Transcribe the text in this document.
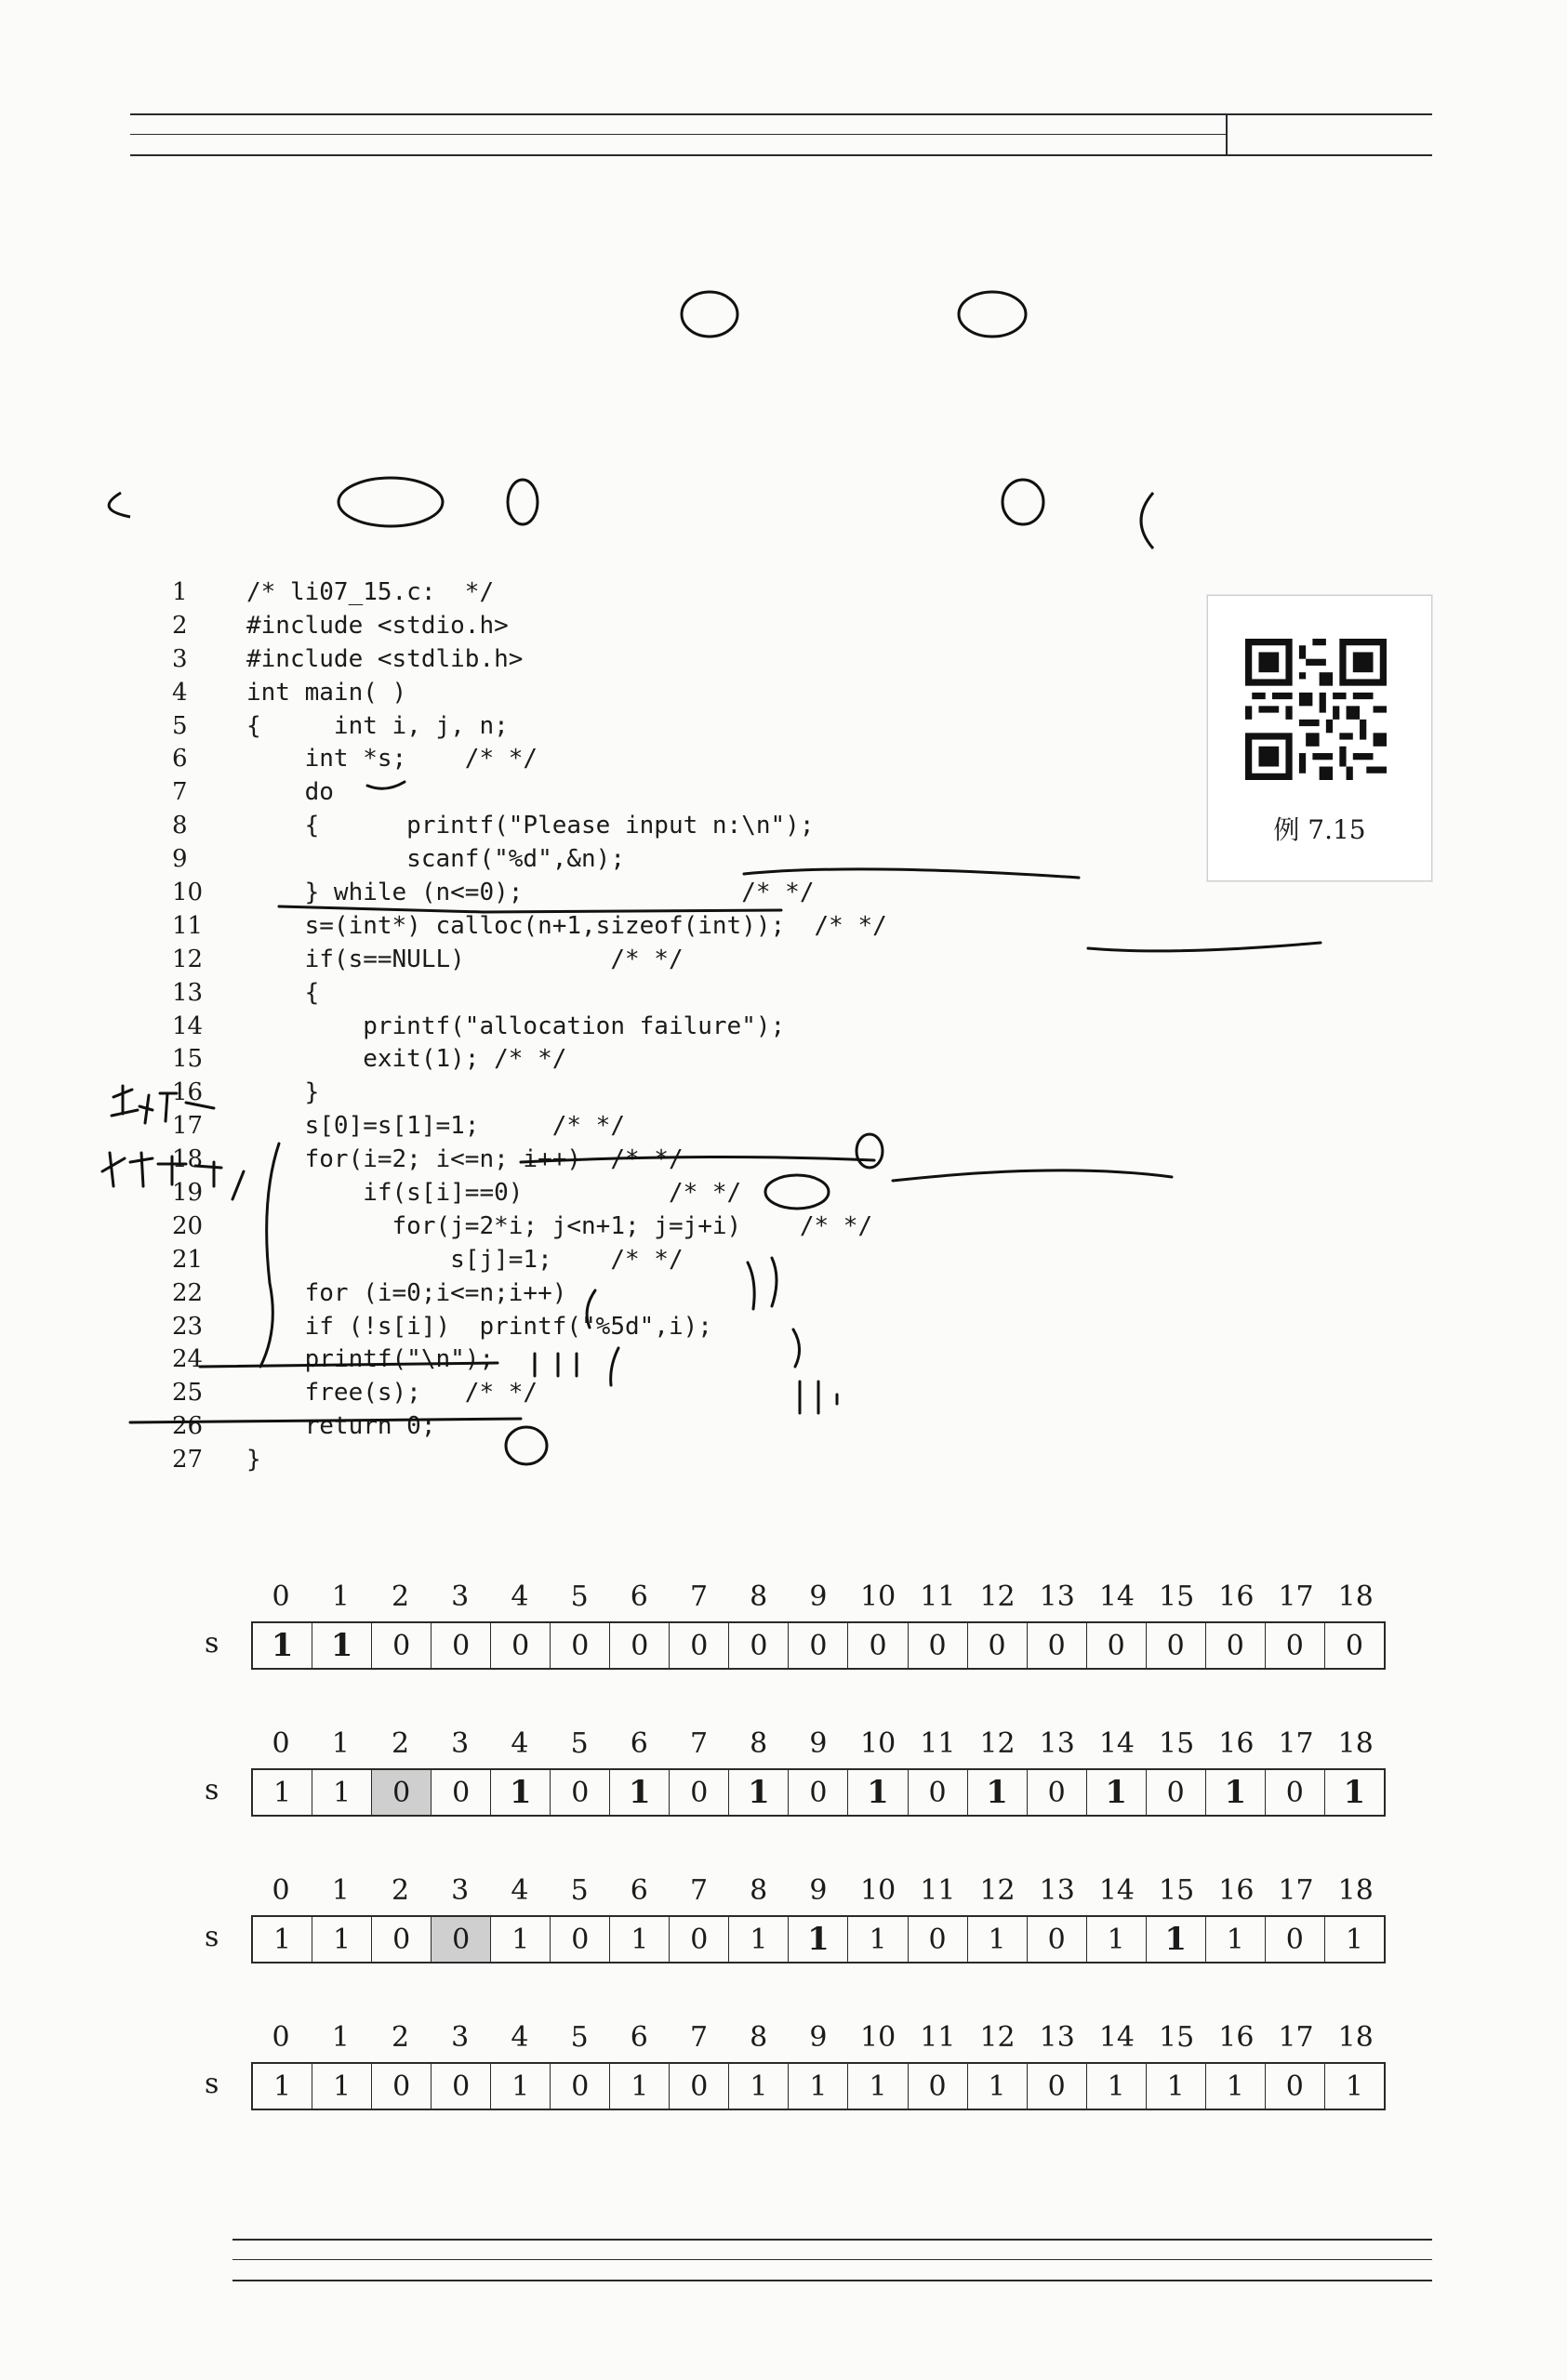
例 7.15
1	/* li07_15.c:  */
2	#include <stdio.h>
3	#include <stdlib.h>
4	int main( )
5	{     int i, j, n;
6	int *s;    /* */
7	do
8	{      printf("Please input n:\n");
9	scanf("%d",&n);
10 } while (n<=0);               /* */
11 s=(int*) calloc(n+1,sizeof(int));  /* */
12 if(s==NULL)          /* */
13 {
14 printf("allocation failure");
15 exit(1); /* */
16 }
17 s[0]=s[1]=1;     /* */
18 for(i=2; i<=n; i++)  /* */
19 if(s[i]==0)          /* */
20 for(j=2*i; j<n+1; j=j+i)    /* */
21 s[j]=1;    /* */
22 for (i=0;i<=n;i++)
23 if (!s[i])  printf("%5d",i);
24 printf("\n");
25 free(s);   /* */
26 return 0;
27 }
0	1	2	3	4	5	6	7	8	9	10 11 12 13 14 15 16 17 18
s	1	1	0	0	0	0	0	0	0	0	0	0	0	0	0	0	0	0	0
0	1	2	3	4	5	6	7	8	9	10 11 12 13 14 15 16 17 18
s	1	1	0	0	1	0	1	0	1	0	1	0	1	0	1	0	1	0	1
0	1	2	3	4	5	6	7	8	9	10 11 12 13 14 15 16 17 18
s	1	1	0	0	1	0	1	0	1	1	1	0	1	0	1	1	1	0	1
0	1	2	3	4	5	6	7	8	9	10 11 12 13 14 15 16 17 18
s	1	1	0	0	1	0	1	0	1	1	1	0	1	0	1	1	1	0	1
